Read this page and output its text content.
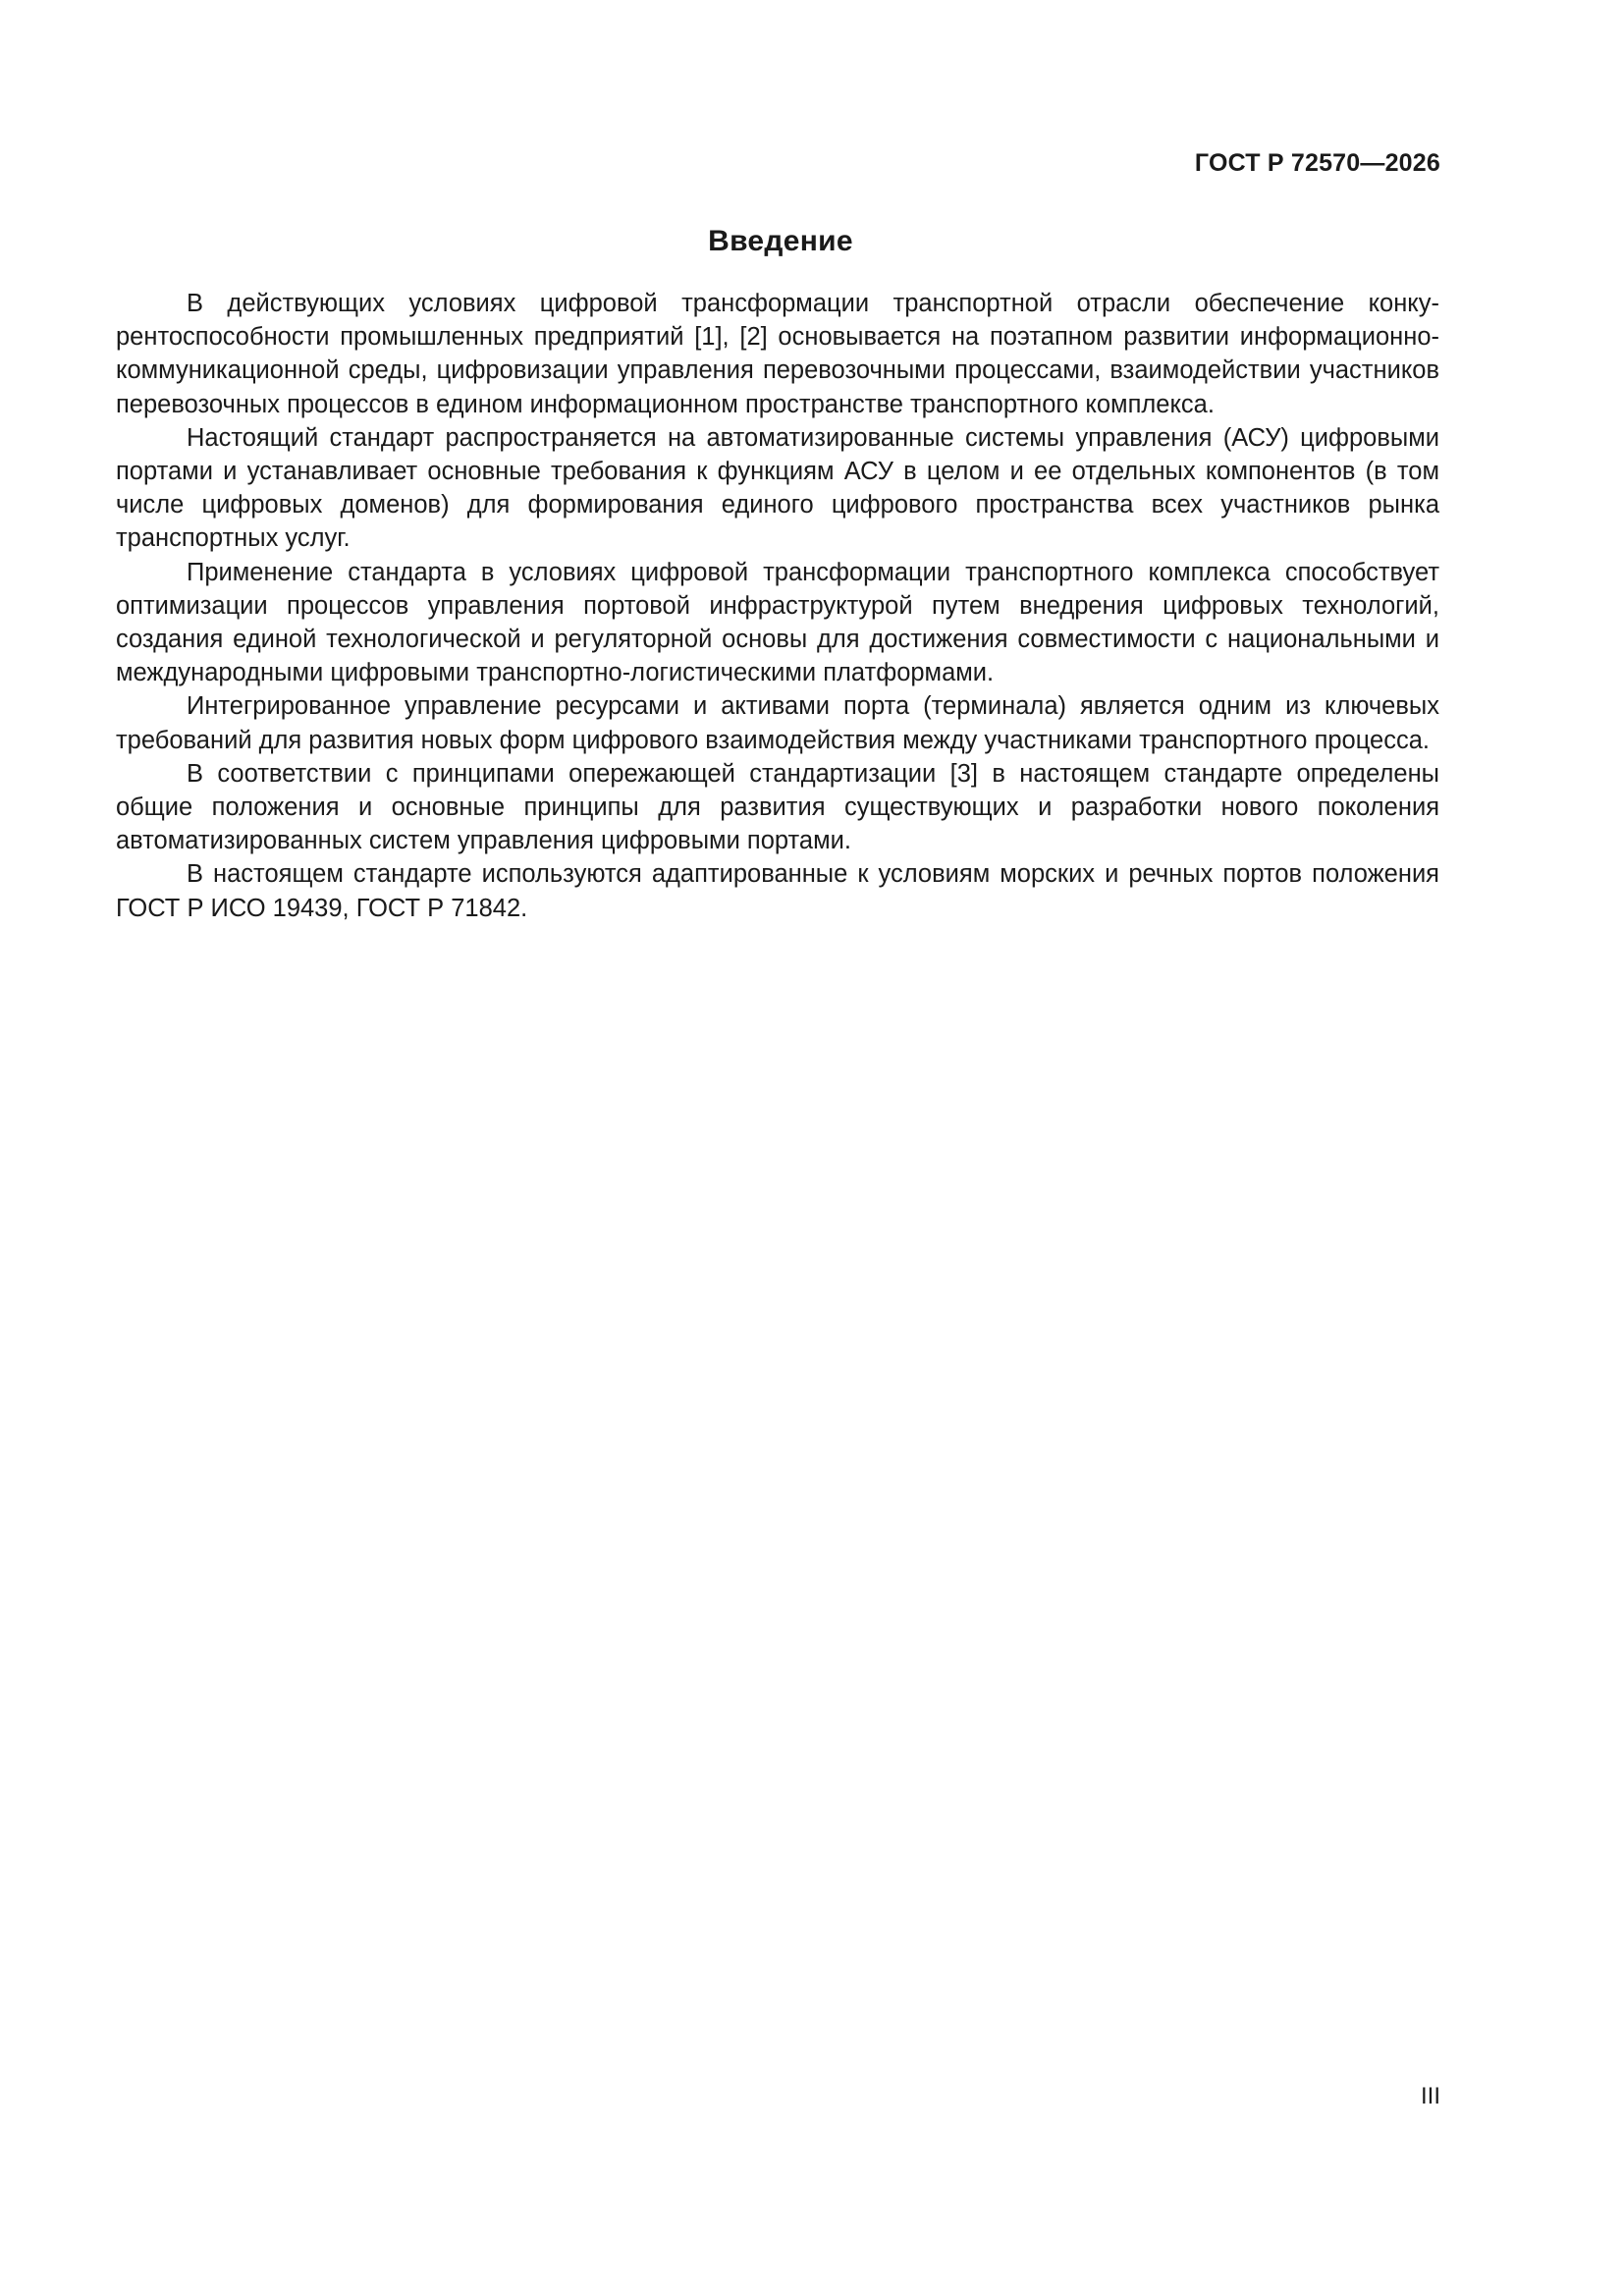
ГОСТ Р 72570—2026
Введение

В действующих условиях цифровой трансформации транспортной отрасли обеспечение конкурентоспособности промышленных предприятий [1], [2] основывается на поэтапном развитии информационно-коммуникационной среды, цифровизации управления перевозочными процессами, взаимодействии участников перевозочных процессов в едином информационном пространстве транспортного комплекса.

Настоящий стандарт распространяется на автоматизированные системы управления (АСУ) цифровыми портами и устанавливает основные требования к функциям АСУ в целом и ее отдельных компонентов (в том числе цифровых доменов) для формирования единого цифрового пространства всех участников рынка транспортных услуг.

Применение стандарта в условиях цифровой трансформации транспортного комплекса способствует оптимизации процессов управления портовой инфраструктурой путем внедрения цифровых технологий, создания единой технологической и регуляторной основы для достижения совместимости с национальными и международными цифровыми транспортно-логистическими платформами.

Интегрированное управление ресурсами и активами порта (терминала) является одним из ключевых требований для развития новых форм цифрового взаимодействия между участниками транспортного процесса.

В соответствии с принципами опережающей стандартизации [3] в настоящем стандарте определены общие положения и основные принципы для развития существующих и разработки нового поколения автоматизированных систем управления цифровыми портами.

В настоящем стандарте используются адаптированные к условиям морских и речных портов положения ГОСТ Р ИСО 19439, ГОСТ Р 71842.

III
